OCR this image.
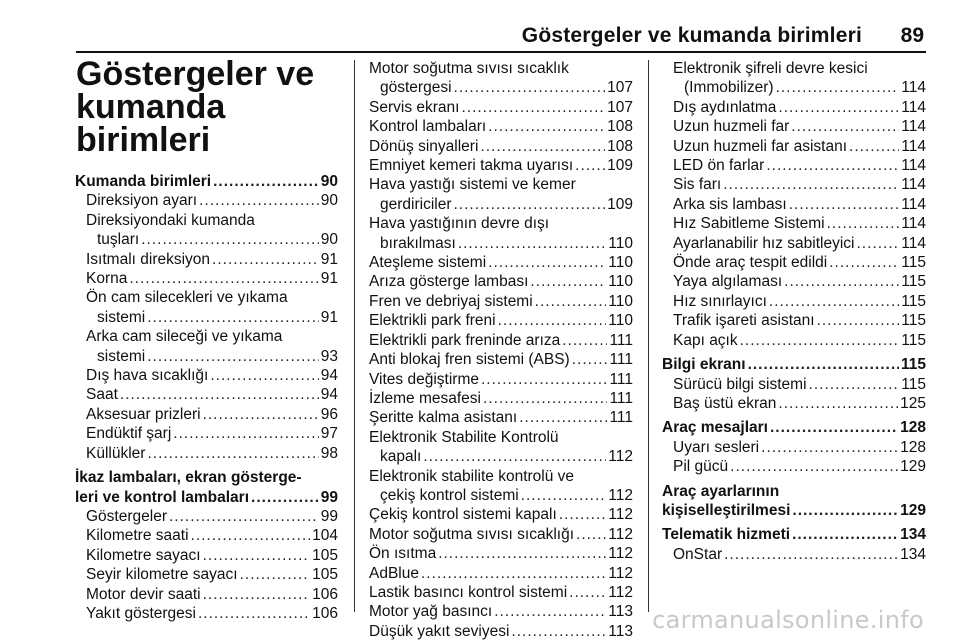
Göstergeler ve kumanda birimleri 89
Göstergeler ve kumanda birimleri
Kumanda birimleri .....	90
Direksiyon ayarı .....	90
Direksiyondaki kumanda
tuşları .....	90
Isıtmalı direksiyon .....	91
Korna .....	91
Ön cam silecekleri ve yıkama
sistemi .....	91
Arka cam sileceği ve yıkama
sistemi .....	93
Dış hava sıcaklığı .....	94
Saat .....	94
Aksesuar prizleri .....	96
Endüktif şarj .....	97
Küllükler .....	98
İkaz lambaları, ekran gösterge-
leri ve kontrol lambaları .....	99
Göstergeler .....	99
Kilometre saati .....	104
Kilometre sayacı .....	105
Seyir kilometre sayacı .....	105
Motor devir saati .....	106
Yakıt göstergesi .....	106
Motor soğutma sıvısı sıcaklık
göstergesi .....	107
Servis ekranı .....	107
Kontrol lambaları .....	108
Dönüş sinyalleri .....	108
Emniyet kemeri takma uyarısı ..... 109
Hava yastığı sistemi ve kemer
gerdiriciler .....	109
Hava yastığının devre dışı
bırakılması .....	110
Ateşleme sistemi .....	110
Arıza gösterge lambası .....	110
Fren ve debriyaj sistemi .....	110
Elektrikli park freni .....	110
Elektrikli park freninde arıza .....	111
Anti blokaj fren sistemi (ABS) .....	111
Vites değiştirme .....	111
İzleme mesafesi .....	111
Şeritte kalma asistanı .....	111
Elektronik Stabilite Kontrolü
kapalı .....	112
Elektronik stabilite kontrolü ve
çekiş kontrol sistemi .....	112
Çekiş kontrol sistemi kapalı .....	112
Motor soğutma sıvısı sıcaklığı ..... 112
Ön ısıtma .....	112
AdBlue .....	112
Lastik basıncı kontrol sistemi .....	112
Motor yağ basıncı .....	113
Düşük yakıt seviyesi .....	113
Elektronik şifreli devre kesici
(Immobilizer) .....	114
Dış aydınlatma .....	114
Uzun huzmeli far .....	114
Uzun huzmeli far asistanı .....	114
LED ön farlar .....	114
Sis farı .....	114
Arka sis lambası .....	114
Hız Sabitleme Sistemi .....	114
Ayarlanabilir hız sabitleyici .....	114
Önde araç tespit edildi .....	115
Yaya algılaması .....	115
Hız sınırlayıcı .....	115
Trafik işareti asistanı .....	115
Kapı açık .....	115
Bilgi ekranı .....	115
Sürücü bilgi sistemi .....	115
Baş üstü ekran .....	125
Araç mesajları .....	128
Uyarı sesleri .....	128
Pil gücü .....	129
Araç ayarlarının
kişiselleştirilmesi .....	129
Telematik hizmeti .....	134
OnStar .....	134
carmanualsonline.info
